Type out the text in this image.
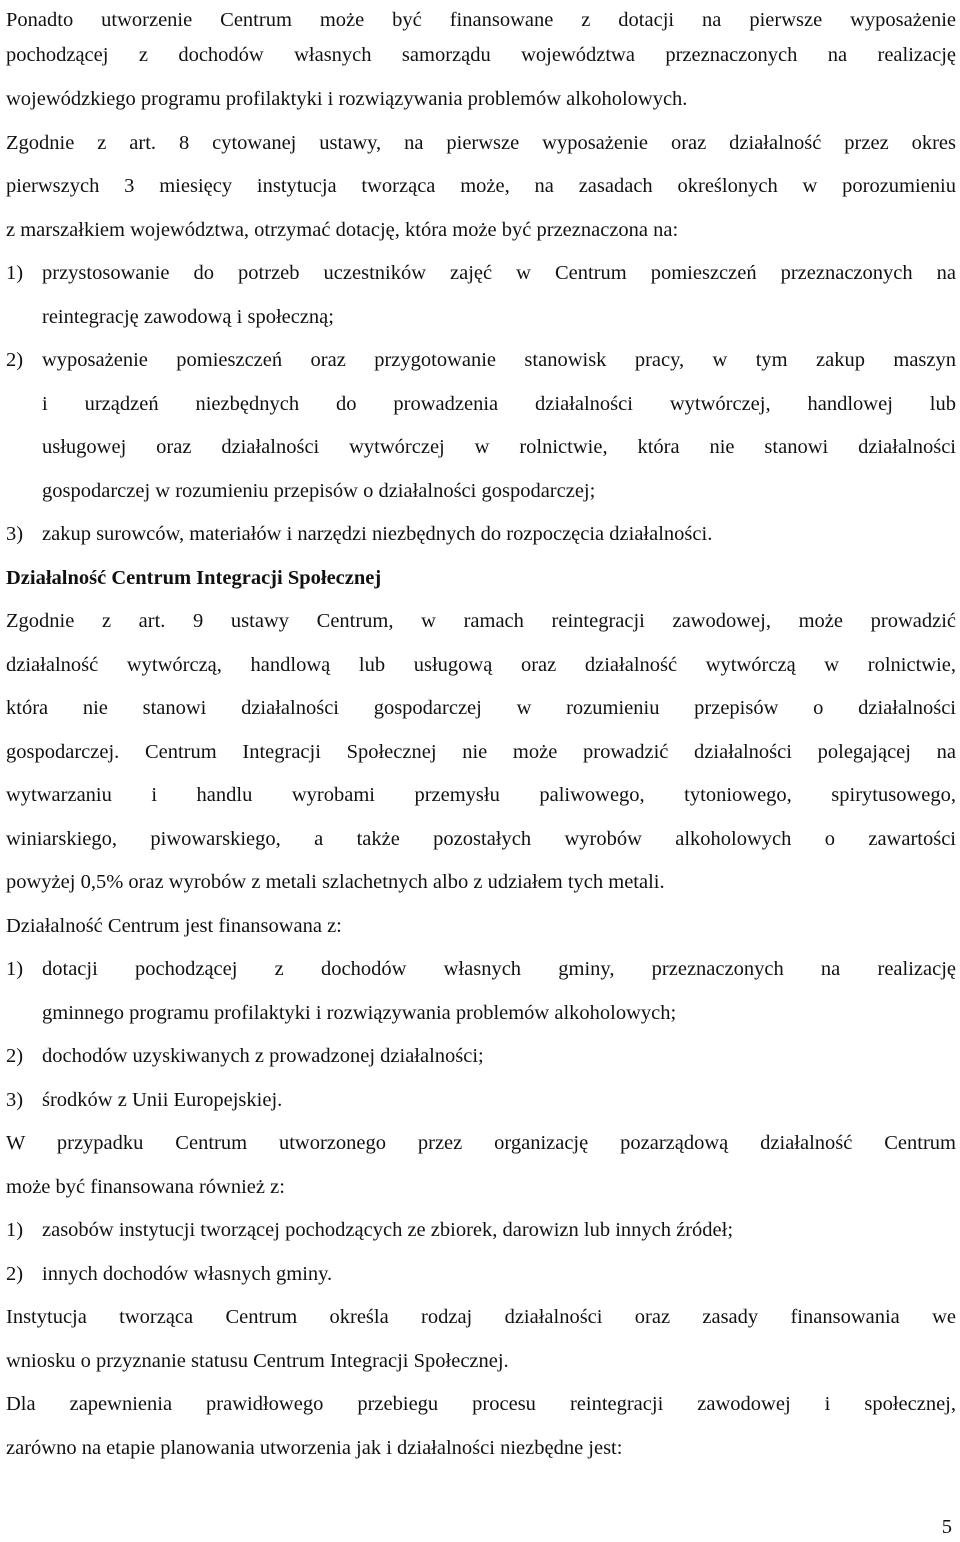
Ponadto utworzenie Centrum może być finansowane z dotacji na pierwsze wyposażenie

pochodzącej z dochodów własnych samorządu województwa przeznaczonych na realizację

wojewódzkiego programu profilaktyki i rozwiązywania problemów alkoholowych.

Zgodnie z art. 8 cytowanej ustawy, na pierwsze wyposażenie oraz działalność przez okres

pierwszych 3 miesięcy instytucja tworząca może, na zasadach określonych w porozumieniu

z marszałkiem województwa, otrzymać dotację, która może być przeznaczona na:

1) przystosowanie do potrzeb uczestników zajęć w Centrum pomieszczeń przeznaczonych na

reintegrację zawodową i społeczną;

2) wyposażenie pomieszczeń oraz przygotowanie stanowisk pracy, w tym zakup maszyn

i urządzeń niezbędnych do prowadzenia działalności wytwórczej, handlowej lub

usługowej oraz działalności wytwórczej w rolnictwie, która nie stanowi działalności

gospodarczej w rozumieniu przepisów o działalności gospodarczej;

3) zakup surowców, materiałów i narzędzi niezbędnych do rozpoczęcia działalności.

Działalność Centrum Integracji Społecznej

Zgodnie z art. 9 ustawy Centrum, w ramach reintegracji zawodowej, może prowadzić

działalność wytwórczą, handlową lub usługową oraz działalność wytwórczą w rolnictwie,

która nie stanowi działalności gospodarczej w rozumieniu przepisów o działalności

gospodarczej. Centrum Integracji Społecznej nie może prowadzić działalności polegającej na

wytwarzaniu i handlu wyrobami przemysłu paliwowego, tytoniowego, spirytusowego,

winiarskiego, piwowarskiego, a także pozostałych wyrobów alkoholowych o zawartości

powyżej 0,5% oraz wyrobów z metali szlachetnych albo z udziałem tych metali.

Działalność Centrum jest finansowana z:

1) dotacji pochodzącej z dochodów własnych gminy, przeznaczonych na realizację

gminnego programu profilaktyki i rozwiązywania problemów alkoholowych;

2) dochodów uzyskiwanych z prowadzonej działalności;

3) środków z Unii Europejskiej.

W przypadku Centrum utworzonego przez organizację pozarządową działalność Centrum

może być finansowana również z:

1) zasobów instytucji tworzącej pochodzących ze zbiorek, darowizn lub innych źródeł;

2) innych dochodów własnych gminy.

Instytucja tworząca Centrum określa rodzaj działalności oraz zasady finansowania we

wniosku o przyznanie statusu Centrum Integracji Społecznej.

Dla zapewnienia prawidłowego przebiegu procesu reintegracji zawodowej i społecznej,

zarówno na etapie planowania utworzenia jak i działalności niezbędne jest:

5
